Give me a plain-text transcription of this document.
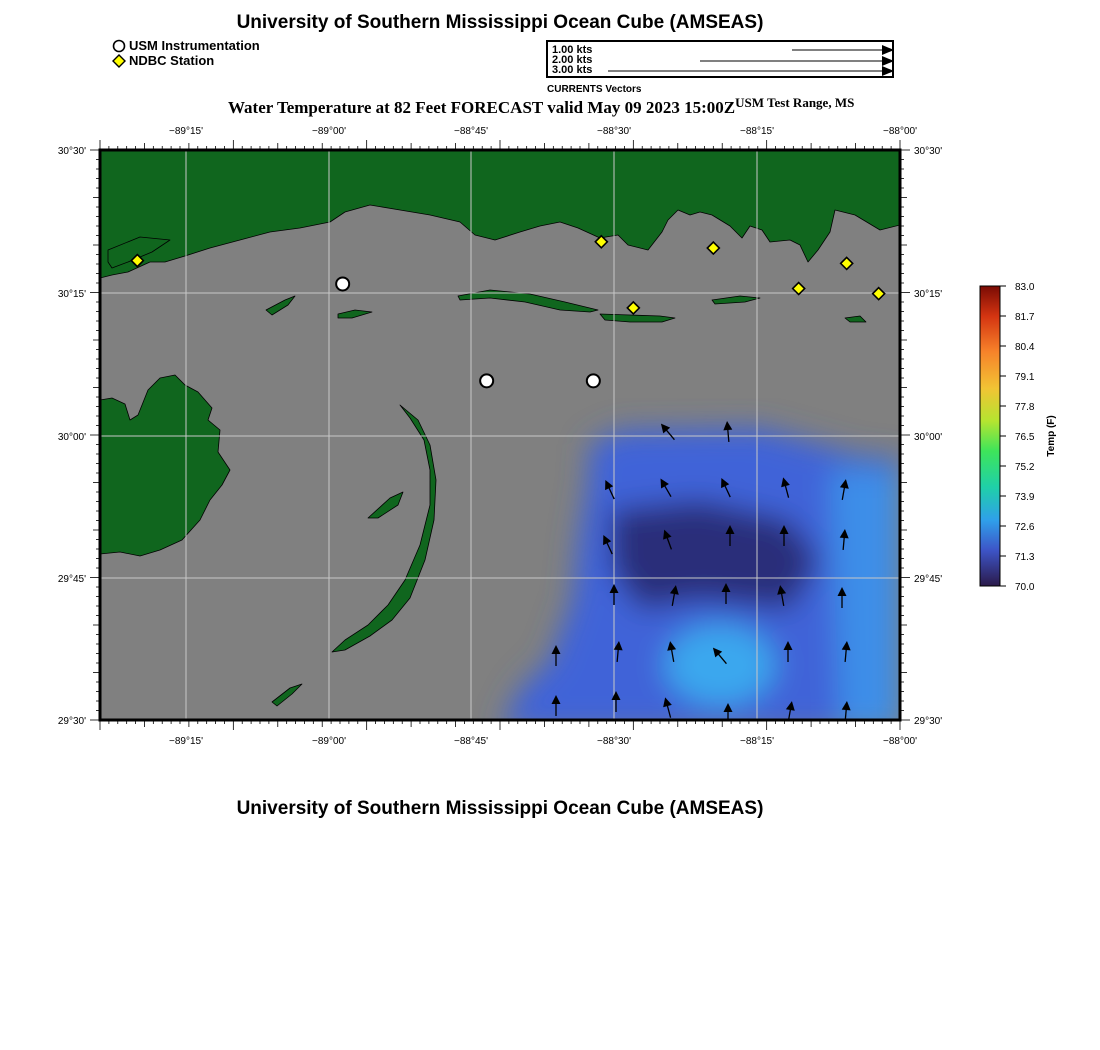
University of Southern Mississippi Ocean Cube (AMSEAS)
USM Instrumentation
NDBC Station
1.00 kts
2.00 kts
3.00 kts
CURRENTS Vectors
Water Temperature at 82 Feet FORECAST valid May 09 2023 $15:00Z^{USM Test Range, MS}$
−89°15'	−89°00'	−88°45'	−88°30'	−88°15'	−88°00'
−89°15'	−89°00'	−88°45'	−88°30'	−88°15'	−88°00'
30°30'
30°15'
30°00'
29°45'
29°30'
30°30'
30°15'
30°00'
29°45'
29°30'
83.0
81.7
80.4
79.1
77.8
76.5
75.2
73.9
72.6
71.3
70.0
Temp (F)
University of Southern Mississippi Ocean Cube (AMSEAS)
